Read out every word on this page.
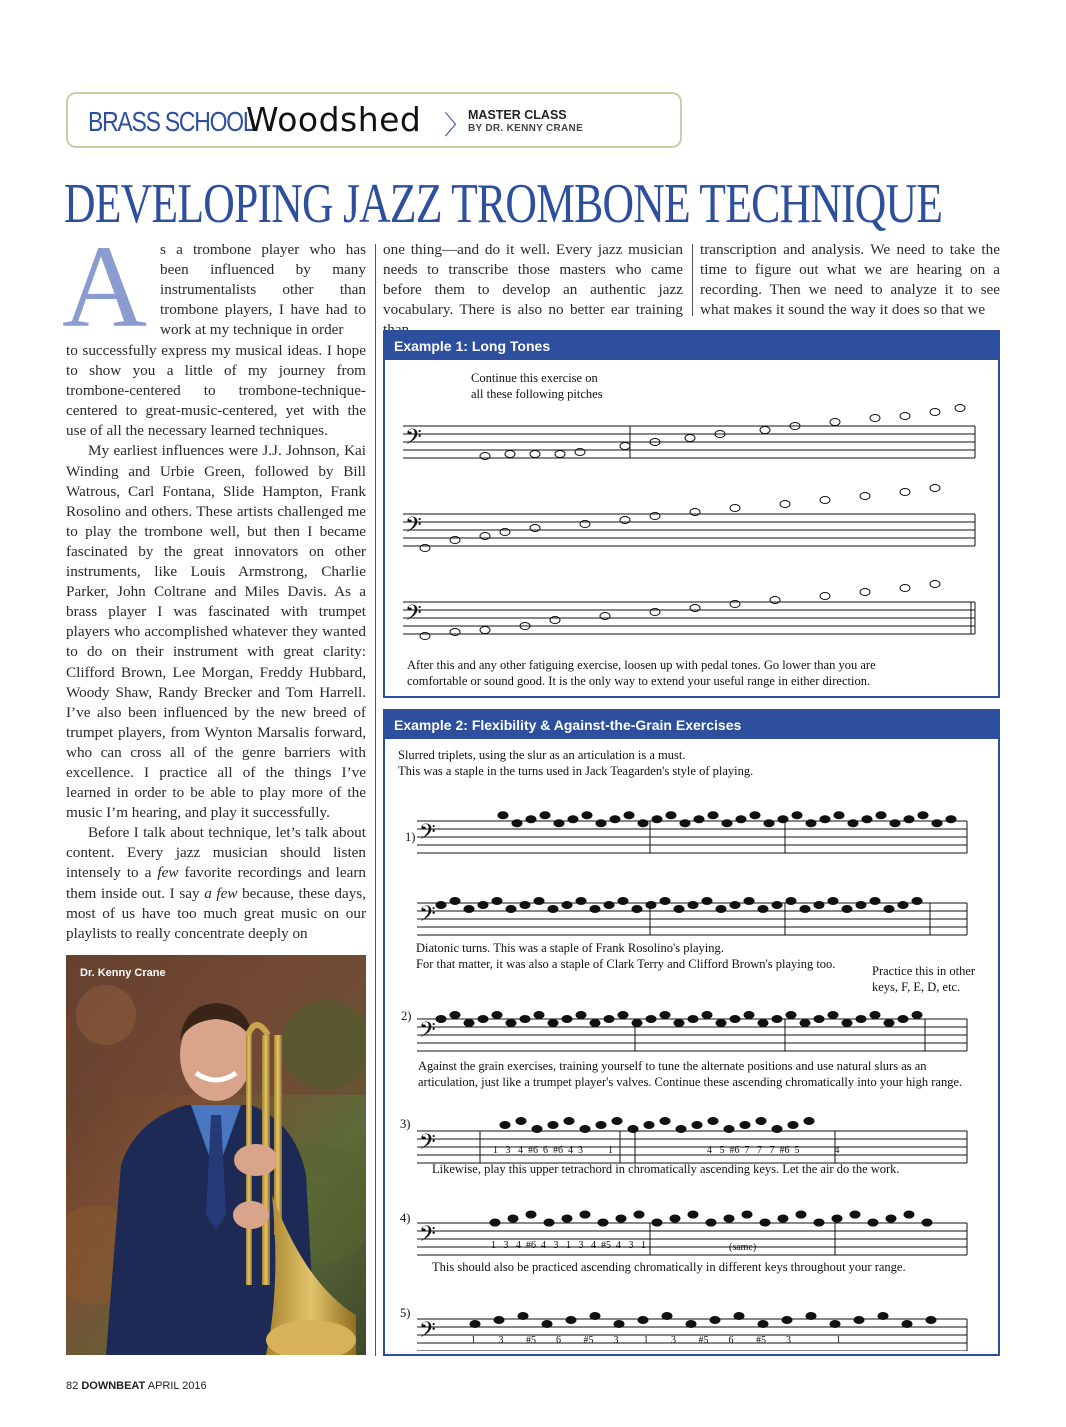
BRASS SCHOOL
Woodshed 〉
MASTER CLASS
BY DR. KENNY CRANE
DEVELOPING JAZZ TROMBONE TECHNIQUE
A s a trombone player who has been influenced by many instrumentalists other than trombone players, I have had to work at my technique in order

to successfully express my musical ideas. I hope to show you a little of my journey from trombone-centered to trombone-technique-centered to great-music-centered, yet with the use of all the necessary learned techniques.

My earliest influences were J.J. Johnson, Kai Winding and Urbie Green, followed by Bill Watrous, Carl Fontana, Slide Hampton, Frank Rosolino and others. These artists challenged me to play the trombone well, but then I became fascinated by the great innovators on other instruments, like Louis Armstrong, Charlie Parker, John Coltrane and Miles Davis. As a brass player I was fascinated with trumpet players who accomplished whatever they wanted to do on their instrument with great clarity: Clifford Brown, Lee Morgan, Freddy Hubbard, Woody Shaw, Randy Brecker and Tom Harrell. I’ve also been influenced by the new breed of trumpet players, from Wynton Marsalis forward, who can cross all of the genre barriers with excellence. I practice all of the things I’ve learned in order to be able to play more of the music I’m hearing, and play it successfully.

Before I talk about technique, let’s talk about content. Every jazz musician should listen intensely to a few favorite recordings and learn them inside out. I say a few because, these days, most of us have too much great music on our playlists to really concentrate deeply on

one thing—and do it well. Every jazz musician needs to transcribe those masters who came before them to develop an authentic jazz vocabulary. There is also no better ear training

transcription and analysis. We need to take the time to figure out what we are hearing on a recording. Then we need to analyze it to see what makes it sound the way it does so that we

Dr. Kenny Crane
Example 1: Long Tones
Continue this exercise on
all these following pitches
𝄢
𝄢
𝄢
After this and any other fatiguing exercise, loosen up with pedal tones. Go lower than you are
comfortable or sound good. It is the only way to extend your useful range in either direction.
Example 2: Flexibility & Against-the-Grain Exercises
Slurred triplets, using the slur as an articulation is a must.
This was a staple in the turns used in Jack Teagarden's style of playing.
1)
Diatonic turns. This was a staple of Frank Rosolino's playing.
For that matter, it was also a staple of Clark Terry and Clifford Brown's playing too.	Practice this in other
keys, F, E, D, etc.
2)
Against the grain exercises, training yourself to tune the alternate positions and use natural slurs as an
articulation, just like a trumpet player's valves. Continue these ascending chromatically into your high range.
3)
1   3   4  #6  6  #6  4  3          1	4   5  #6  7   7   7  #6  5              4
Likewise, play this upper tetrachord in chromatically ascending keys. Let the air do the work.
4)
1   3   4  #6  4   3   1   3   4  #5  4   3   1	(same)
This should also be practiced ascending chromatically in different keys throughout your range.
5)
1         3         #5        6         #5        3          1         3         #5        6         #5        3                  1
𝄢
𝄢
𝄢
𝄢
𝄢
𝄢
82 DOWNBEAT APRIL 2016
